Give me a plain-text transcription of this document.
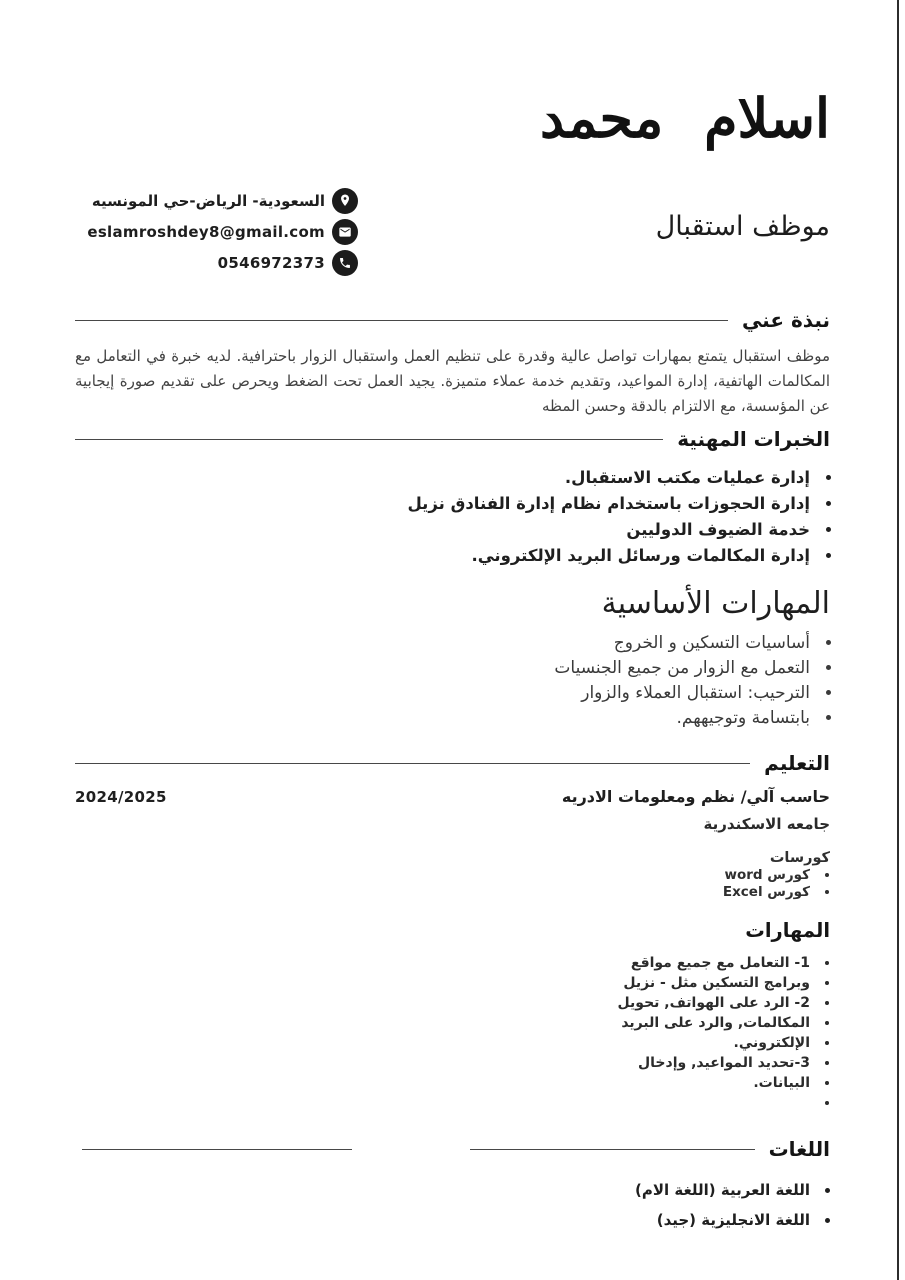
اسلام محمد
موظف استقبال
نبذة عني
موظف استقبال يتمتع بمهارات تواصل عالية وقدرة على تنظيم العمل واستقبال الزوار باحترافية. لديه خبرة في التعامل مع المكالمات الهاتفية، إدارة المواعيد، وتقديم خدمة عملاء متميزة. يجيد العمل تحت الضغط ويحرص على تقديم صورة إيجابية عن المؤسسة، مع الالتزام بالدقة وحسن المظه
الخبرات المهنية
• إدارة عمليات مكتب الاستقبال.
• إدارة الحجوزات باستخدام نظام إدارة الفنادق نزيل
• خدمة الضيوف الدوليين
• إدارة المكالمات ورسائل البريد الإلكتروني.
المهارات الأساسية
• أساسيات التسكين و الخروج
• التعمل مع الزوار من جميع الجنسيات
• الترحيب: استقبال العملاء والزوار
• بابتسامة وتوجيههم.
التعليم
حاسب آلي/ نظم ومعلومات الادريه
2024/2025
جامعه الاسكندرية
كورسات
• كورس word
• كورس Excel
المهارات
• 1- التعامل مع جميع مواقع
• وبرامج التسكين مثل - نزيل
• 2- الرد على الهواتف, تحويل
• المكالمات, والرد على البريد
• الإلكتروني.
• 3-تحديد المواعيد, وإدخال
• البيانات.
•
اللغات
• اللغة العربية (اللغة الام)
• اللغة الانجليزية (جيد)
السعودية- الرياض-حي المونسيه
eslamroshdey8@gmail.com
0546972373
